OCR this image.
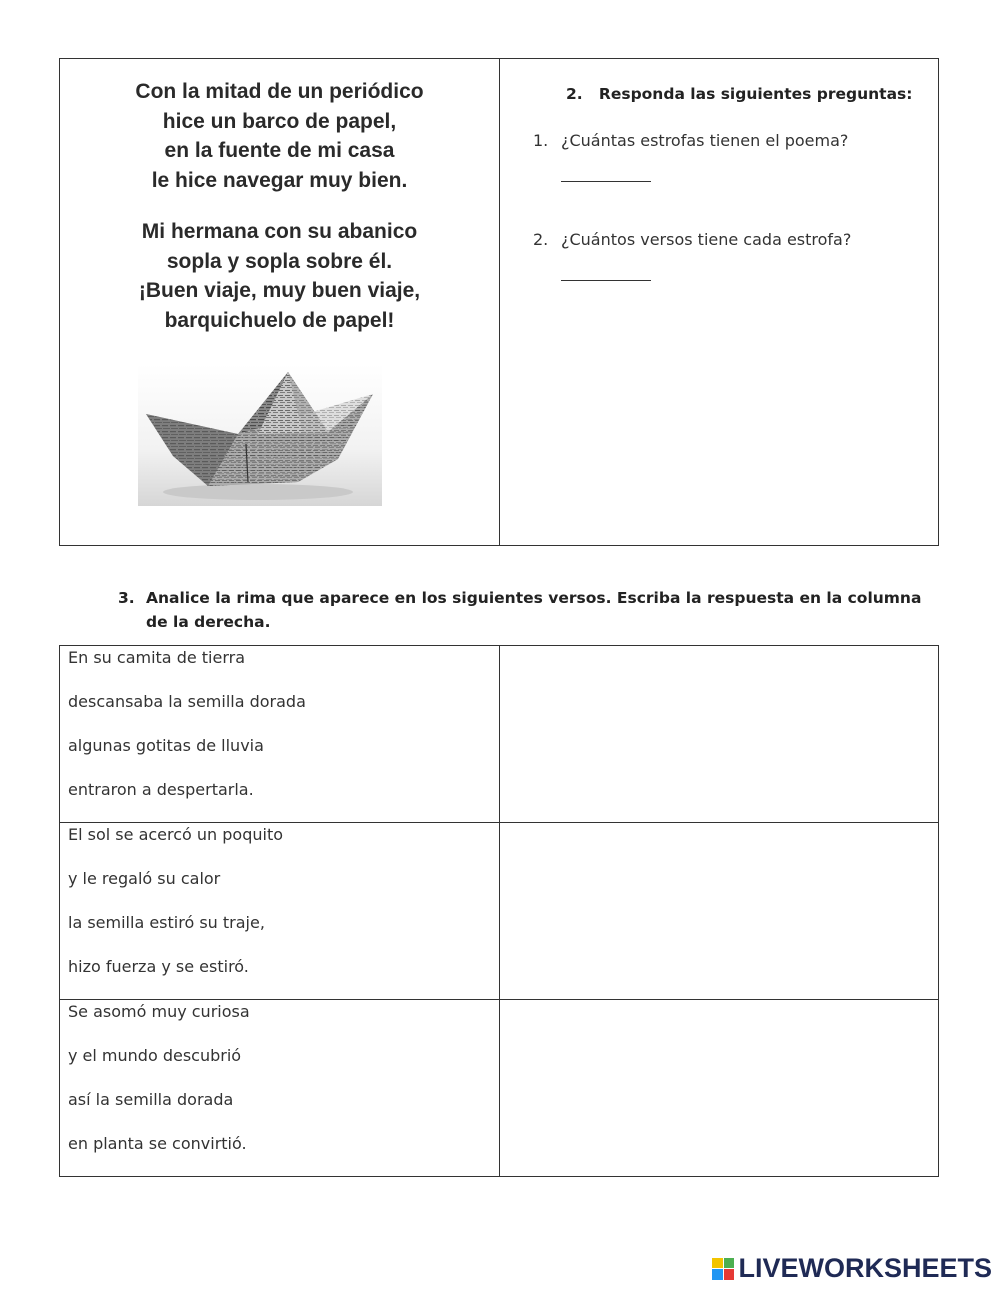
Con la mitad de un periódico
hice un barco de papel,
en la fuente de mi casa
le hice navegar muy bien.
Mi hermana con su abanico
sopla y sopla sobre él.
¡Buen viaje, muy buen viaje,
barquichuelo de papel!
2. Responda las siguientes preguntas:
1. ¿Cuántas estrofas tienen el poema?
2. ¿Cuántos versos tiene cada estrofa?
3. Analice la rima que aparece en los siguientes versos. Escriba la respuesta en la columna de la derecha.
En su camita de tierra
descansaba la semilla dorada
algunas gotitas de lluvia
entraron a despertarla.	

El sol se acercó un poquito
y le regaló su calor
la semilla estiró su traje,
hizo fuerza y se estiró.	

Se asomó muy curiosa
y el mundo descubrió
así la semilla dorada
en planta se convirtió.	

LIVEWORKSHEETS
